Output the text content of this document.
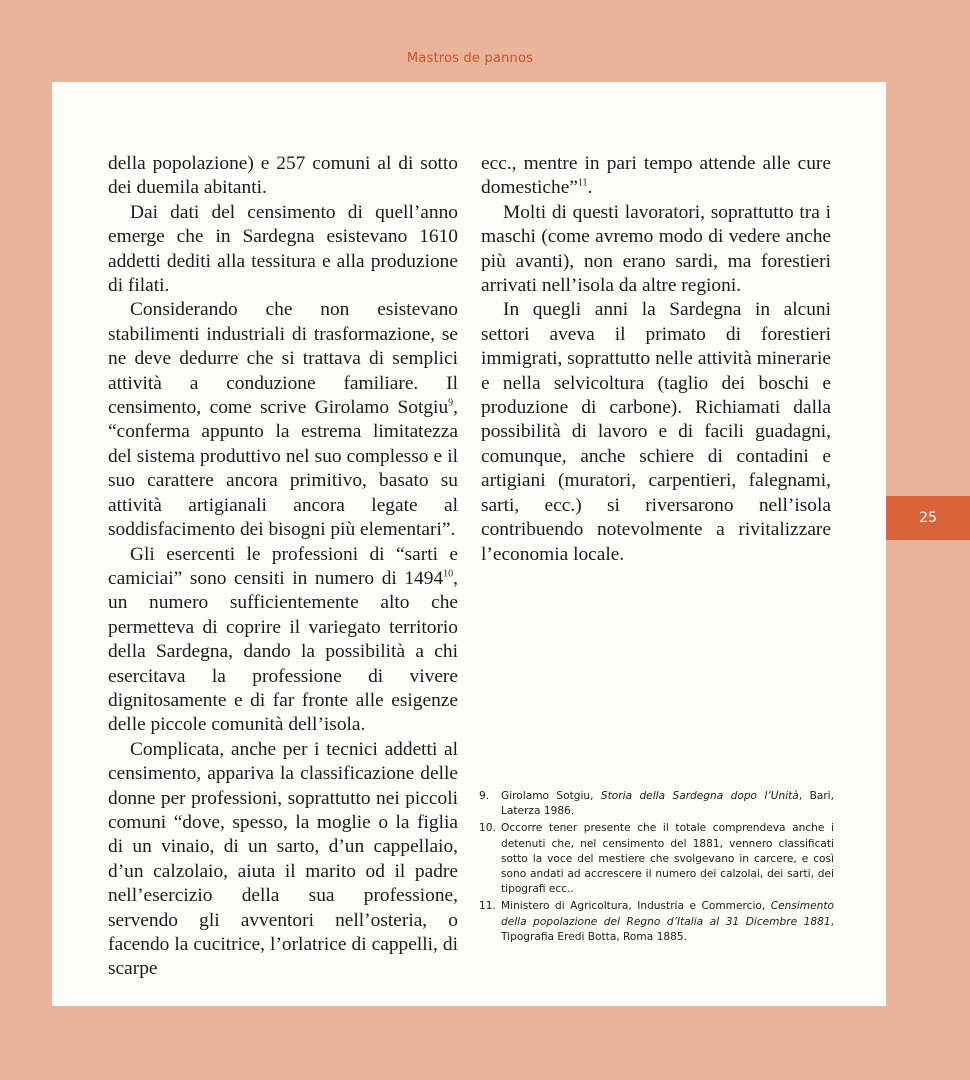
Mastros de pannos

della popolazione) e 257 comuni al di sotto dei duemila abitanti.

Dai dati del censimento di quell’anno emerge che in Sardegna esistevano 1610 addetti dediti alla tessitura e alla produzione di filati.

Considerando che non esistevano stabilimenti industriali di trasformazione, se ne deve dedurre che si trattava di semplici attività a conduzione familiare. Il censimento, come scrive Girolamo Sotgiu$^9$, “conferma appunto la estrema limitatezza del sistema produttivo nel suo complesso e il suo carattere ancora primitivo, basato su attività artigianali ancora legate al soddisfacimento dei bisogni più elementari”.

Gli esercenti le professioni di “sarti e camiciai” sono censiti in numero di 1494$^{10}$, un numero sufficientemente alto che permetteva di coprire il variegato territorio della Sardegna, dando la possibilità a chi esercitava la professione di vivere dignitosamente e di far fronte alle esigenze delle piccole comunità dell’isola.

Complicata, anche per i tecnici addetti al censimento, appariva la classificazione delle donne per professioni, soprattutto nei piccoli comuni “dove, spesso, la moglie o la figlia di un vinaio, di un sarto, d’un cappellaio, d’un calzolaio, aiuta il marito od il padre nell’esercizio della sua professione, servendo gli avventori nell’osteria, o facendo la cucitrice, l’orlatrice di cappelli, di scarpe

ecc., mentre in pari tempo attende alle cure domestiche”$^{11}$.

Molti di questi lavoratori, soprattutto tra i maschi (come avremo modo di vedere anche più avanti), non erano sardi, ma forestieri arrivati nell’isola da altre regioni.

In quegli anni la Sardegna in alcuni settori aveva il primato di forestieri immigrati, soprattutto nelle attività minerarie e nella selvicoltura (taglio dei boschi e produzione di carbone). Richiamati dalla possibilità di lavoro e di facili guadagni, comunque, anche schiere di contadini e artigiani (muratori, carpentieri, falegnami, sarti, ecc.) si riversarono nell’isola contribuendo notevolmente a rivitalizzare l’economia locale.

9.	Girolamo Sotgiu, Storia della Sardegna dopo l’Unità, Bari, Laterza 1986.
10. Occorre tener presente che il totale comprendeva anche i detenuti che, nel censimento del 1881, vennero classificati sotto la voce del mestiere che svolgevano in carcere, e così sono andati ad accrescere il numero dei calzolai, dei sarti, dei tipografi ecc..
11. Ministero di Agricoltura, Industria e Commercio, Censimento della popolazione del Regno d’Italia al 31 Dicembre 1881, Tipografia Eredi Botta, Roma 1885.
25
